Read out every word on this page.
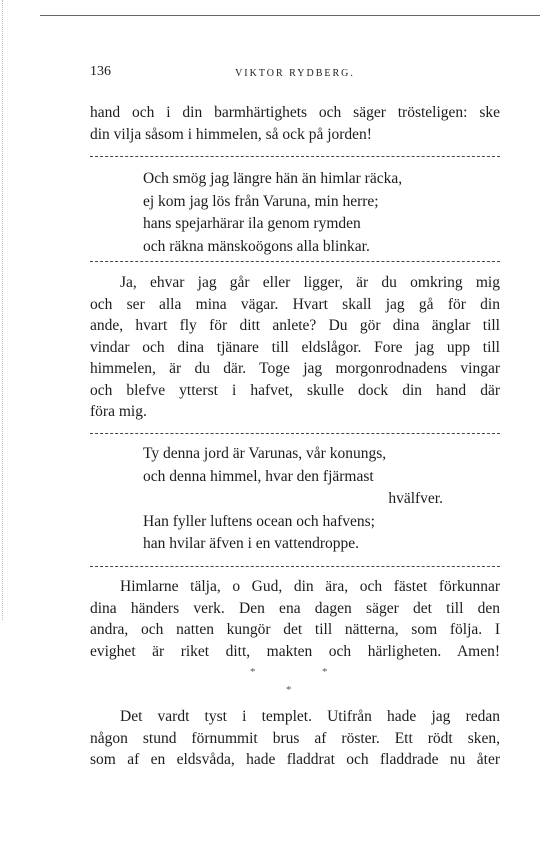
136	VIKTOR RYDBERG.
hand och i din barmhärtighets och säger trösteligen: ske
din vilja såsom i himmelen, så ock på jorden!
Och smög jag längre hän än himlar räcka,
ej kom jag lös från Varuna, min herre;
hans spejarhärar ila genom rymden
och räkna mänskoögons alla blinkar.
Ja, ehvar jag går eller ligger, är du omkring mig
och ser alla mina vägar. Hvart skall jag gå för din
ande, hvart fly för ditt anlete? Du gör dina änglar till
vindar och dina tjänare till eldslågor. Fore jag upp till
himmelen, är du där. Toge jag morgonrodnadens vingar
och blefve ytterst i hafvet, skulle dock din hand där
föra mig.
Ty denna jord är Varunas, vår konungs,
och denna himmel, hvar den fjärmast
hvälfver.
Han fyller luftens ocean och hafvens;
han hvilar äfven i en vattendroppe.
Himlarne tälja, o Gud, din ära, och fästet förkunnar
dina händers verk. Den ena dagen säger det till den
andra, och natten kungör det till nätterna, som följa. I
evighet är riket ditt, makten och härligheten. Amen!
*	*
*
Det vardt tyst i templet. Utifrån hade jag redan
någon stund förnummit brus af röster. Ett rödt sken,
som af en eldsvåda, hade fladdrat och fladdrade nu åter
